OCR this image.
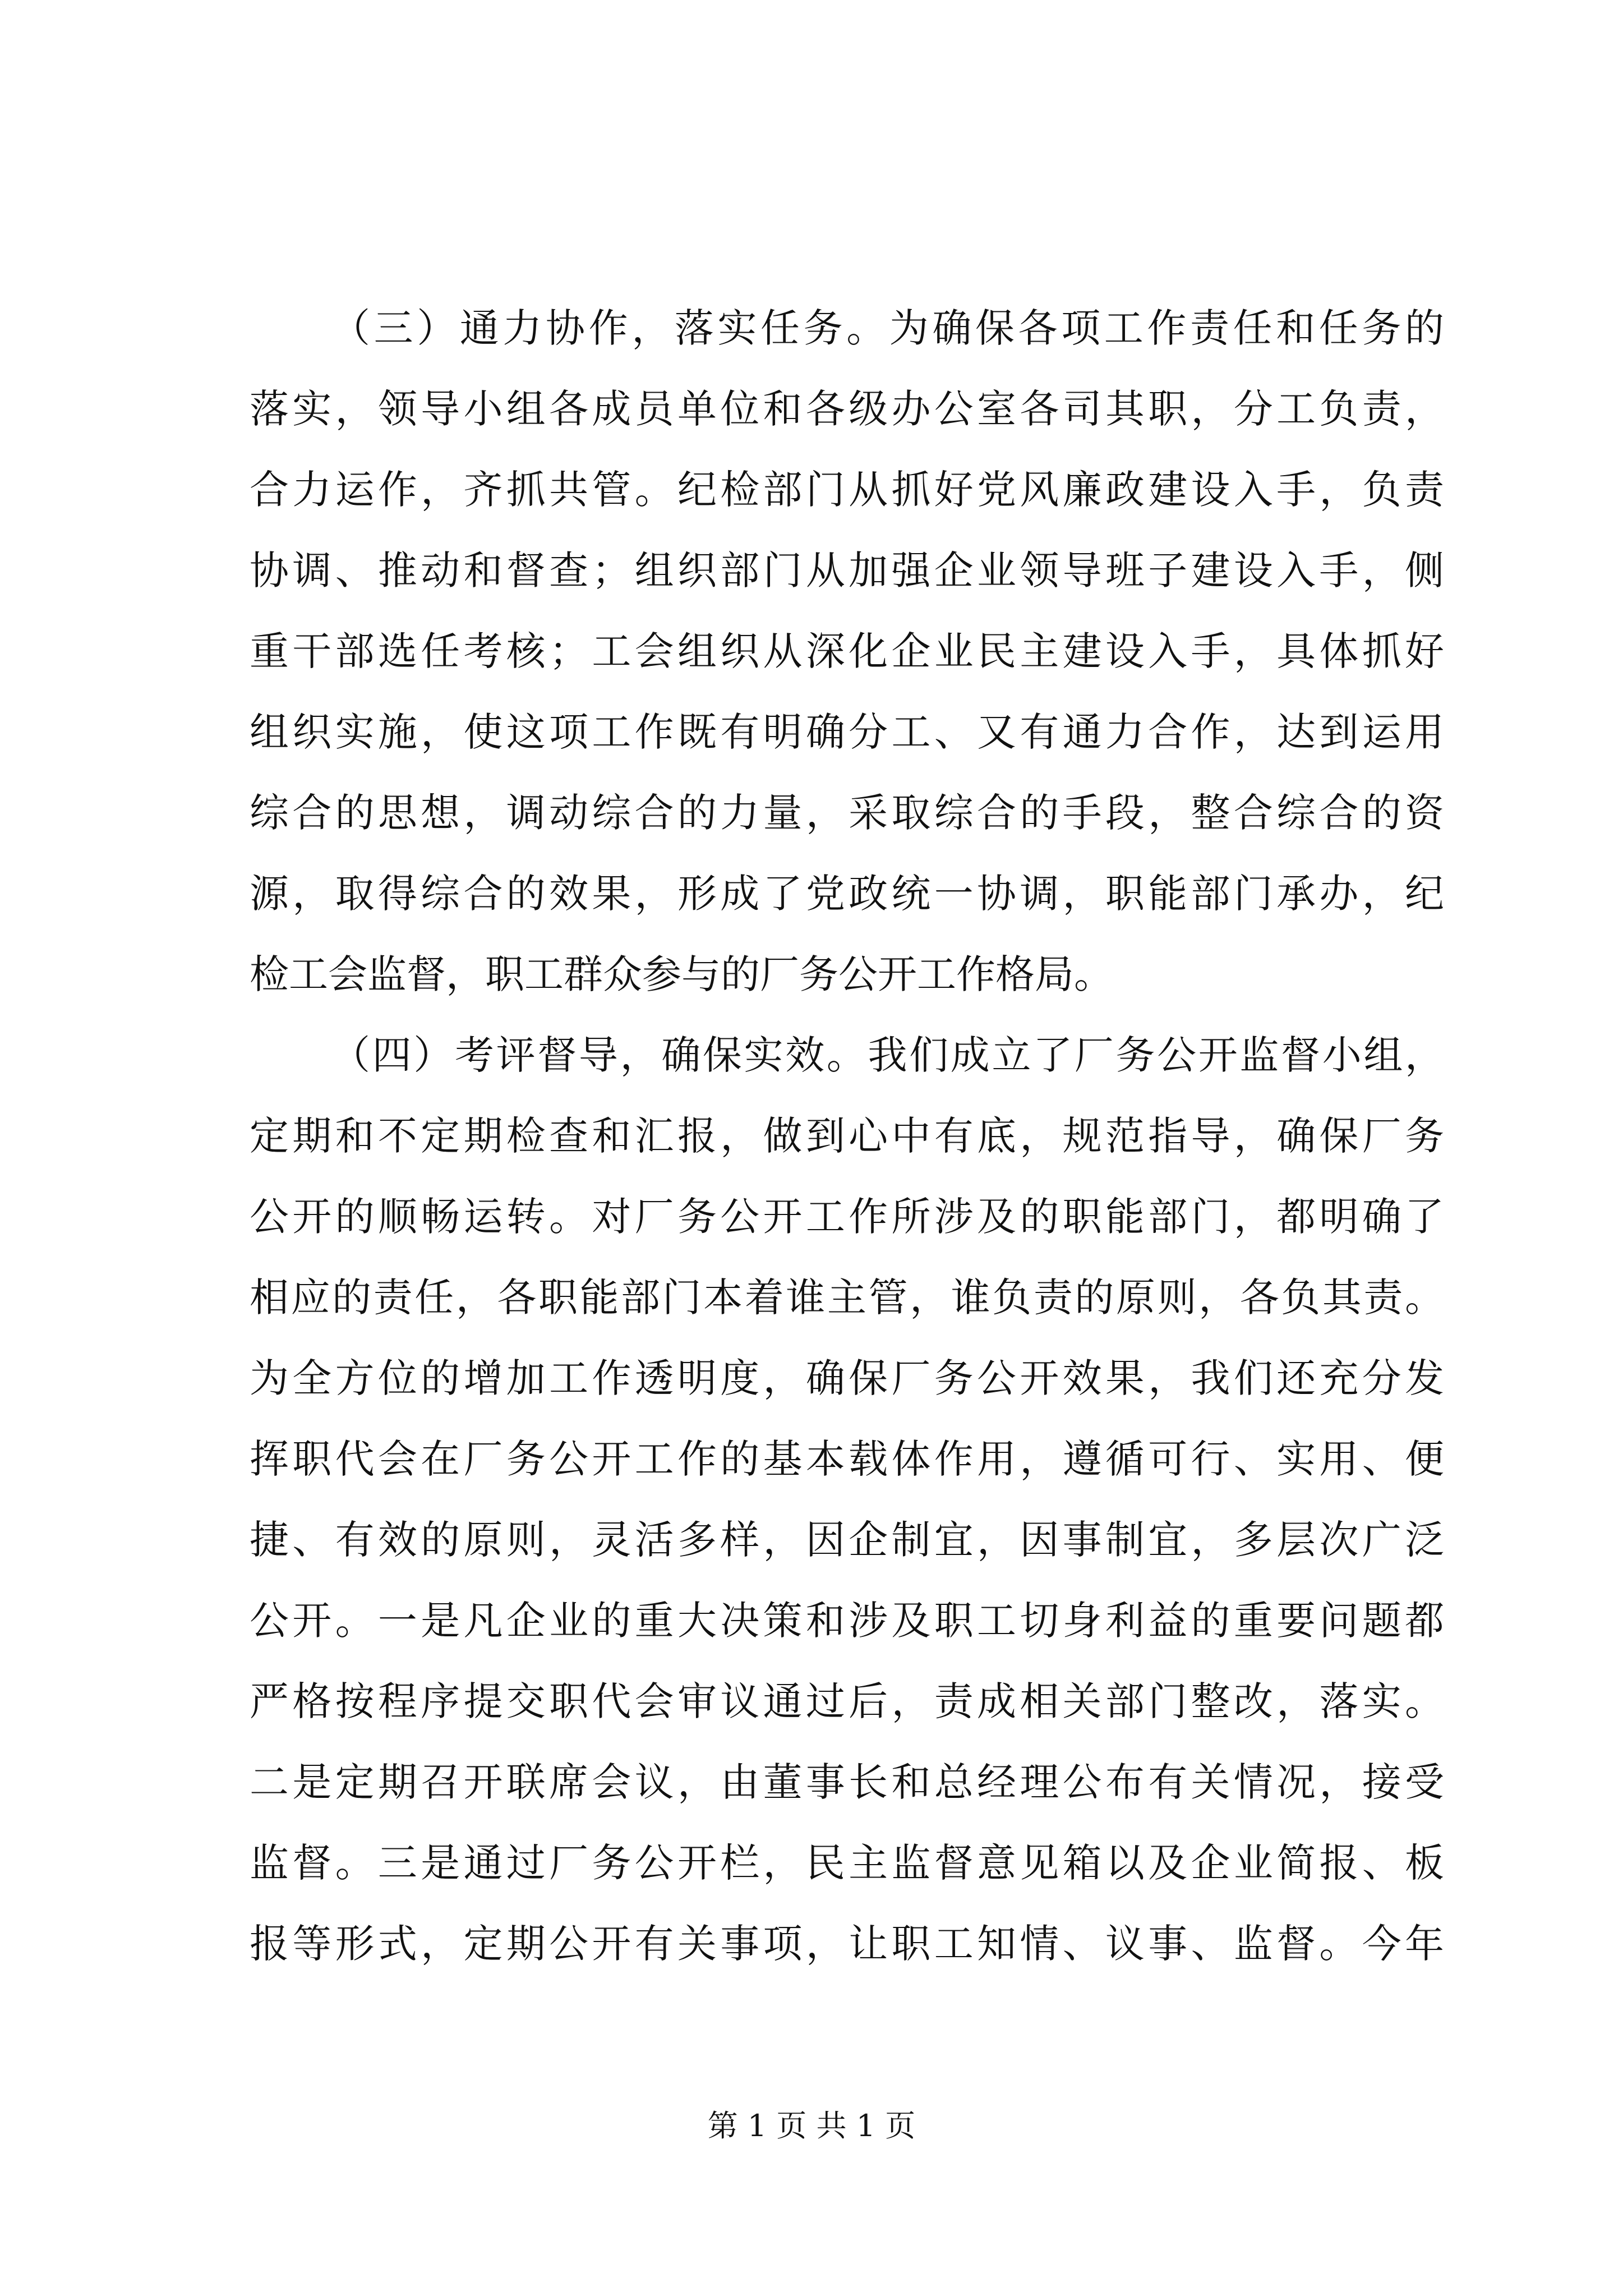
（三）通力协作，落实任务。为确保各项工作责任和任务的
落实，领导小组各成员单位和各级办公室各司其职，分工负责，
合力运作，齐抓共管。纪检部门从抓好党风廉政建设入手，负责
协调、推动和督查；组织部门从加强企业领导班子建设入手，侧
重干部选任考核；工会组织从深化企业民主建设入手，具体抓好
组织实施，使这项工作既有明确分工、又有通力合作，达到运用
综合的思想，调动综合的力量，采取综合的手段，整合综合的资
源，取得综合的效果，形成了党政统一协调，职能部门承办，纪
检工会监督，职工群众参与的厂务公开工作格局。
（四）考评督导，确保实效。我们成立了厂务公开监督小组，
定期和不定期检查和汇报，做到心中有底，规范指导，确保厂务
公开的顺畅运转。对厂务公开工作所涉及的职能部门，都明确了
相应的责任，各职能部门本着谁主管，谁负责的原则，各负其责。
为全方位的增加工作透明度，确保厂务公开效果，我们还充分发
挥职代会在厂务公开工作的基本载体作用，遵循可行、实用、便
捷、有效的原则，灵活多样，因企制宜，因事制宜，多层次广泛
公开。一是凡企业的重大决策和涉及职工切身利益的重要问题都
严格按程序提交职代会审议通过后，责成相关部门整改，落实。
二是定期召开联席会议，由董事长和总经理公布有关情况，接受
监督。三是通过厂务公开栏，民主监督意见箱以及企业简报、板
报等形式，定期公开有关事项，让职工知情、议事、监督。今年
第 1 页 共 1 页
